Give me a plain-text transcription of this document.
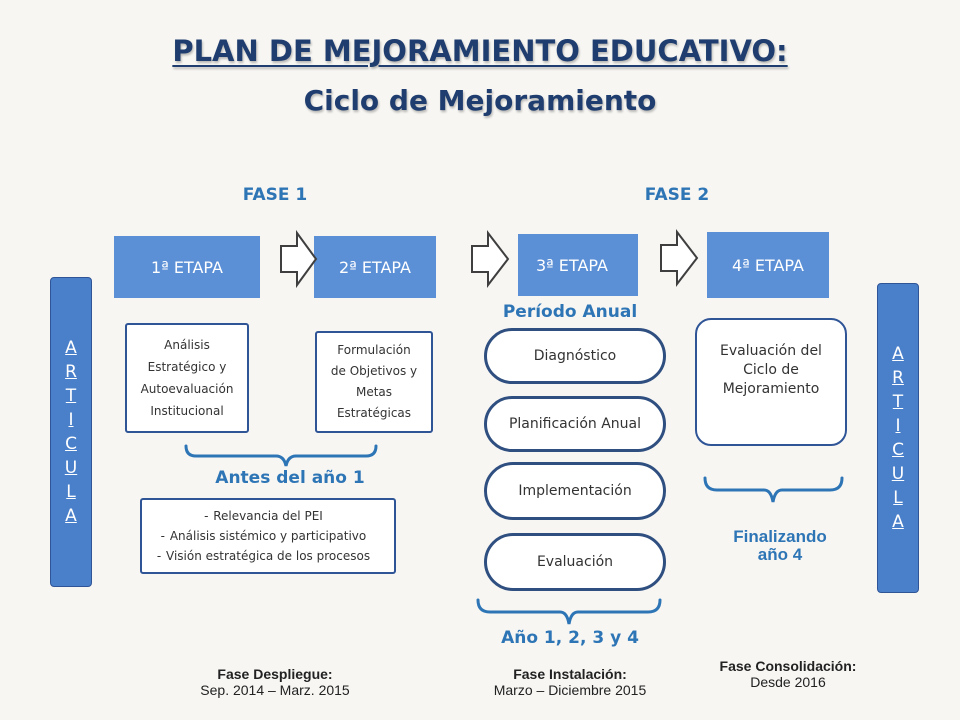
PLAN DE MEJORAMIENTO EDUCATIVO:
Ciclo de Mejoramiento
FASE 1	FASE 2
1ª ETAPA	2ª ETAPA	3ª ETAPA	4ª ETAPA
Análisis
Estratégico y
Autoevaluación
Institucional
Formulación
de Objetivos y
Metas
Estratégicas
Antes del año 1
- Relevancia del PEI
- Análisis sistémico y participativo
- Visión estratégica de los procesos
Período Anual
Diagnóstico
Planificación Anual
Implementación
Evaluación
Año 1, 2, 3 y 4
Evaluación del
Ciclo de
Mejoramiento
Finalizando
año 4
A
R
T
I
C
U
L
A
A
R
T
I
C
U
L
A
Fase Despliegue:
Sep. 2014 – Marz. 2015
Fase Instalación:
Marzo – Diciembre 2015
Fase Consolidación:
Desde 2016
